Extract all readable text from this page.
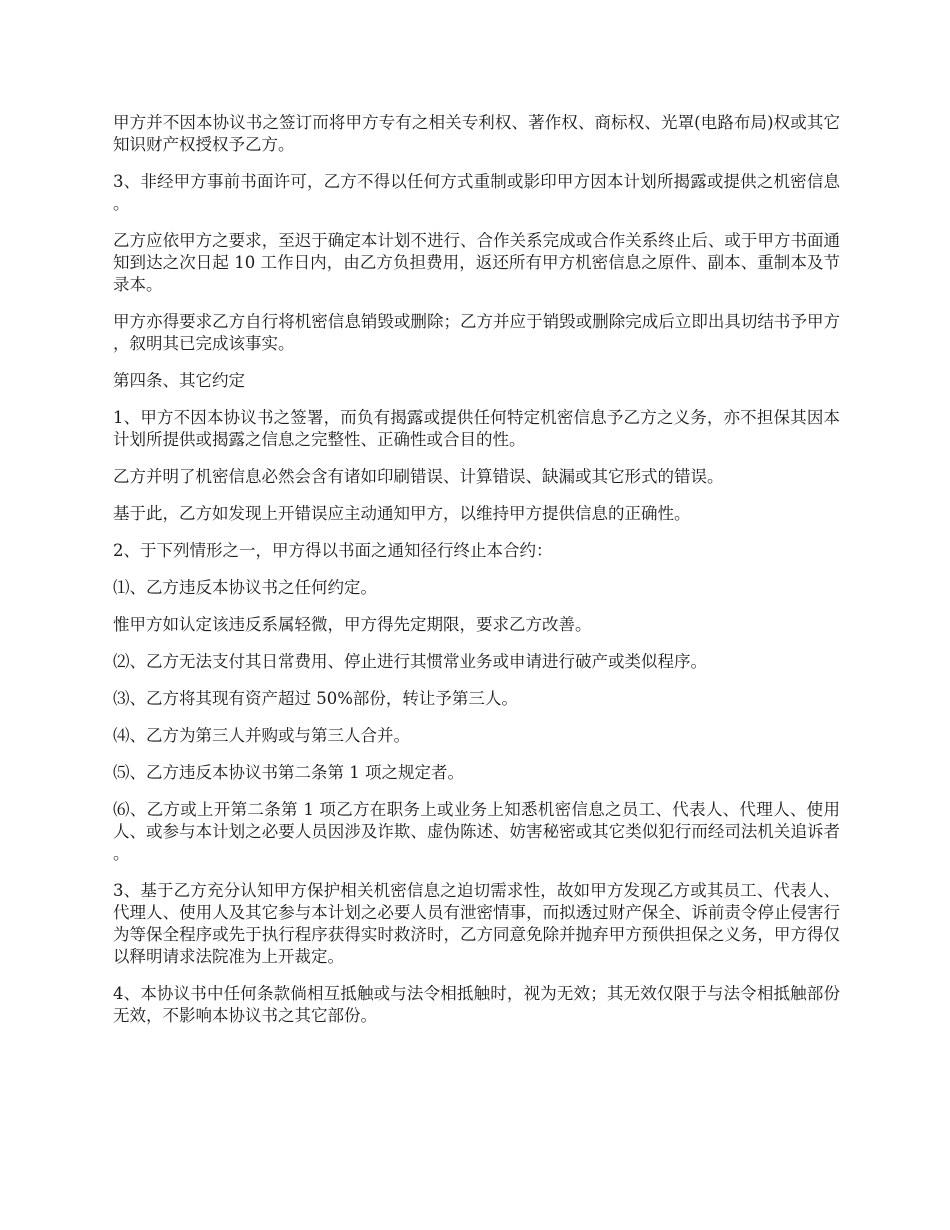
甲方并不因本协议书之签订而将甲方专有之相关专利权、著作权、商标权、光罩(电路布局)权或其它知识财产权授权予乙方。

3、非经甲方事前书面许可，乙方不得以任何方式重制或影印甲方因本计划所揭露或提供之机密信息。

乙方应依甲方之要求，至迟于确定本计划不进行、合作关系完成或合作关系终止后、或于甲方书面通知到达之次日起 10 工作日内，由乙方负担费用，返还所有甲方机密信息之原件、副本、重制本及节录本。

甲方亦得要求乙方自行将机密信息销毁或删除；乙方并应于销毁或删除完成后立即出具切结书予甲方，叙明其已完成该事实。

第四条、其它约定

1、甲方不因本协议书之签署，而负有揭露或提供任何特定机密信息予乙方之义务，亦不担保其因本计划所提供或揭露之信息之完整性、正确性或合目的性。

乙方并明了机密信息必然会含有诸如印刷错误、计算错误、缺漏或其它形式的错误。

基于此，乙方如发现上开错误应主动通知甲方，以维持甲方提供信息的正确性。

2、于下列情形之一，甲方得以书面之通知径行终止本合约：

⑴、乙方违反本协议书之任何约定。

惟甲方如认定该违反系属轻微，甲方得先定期限，要求乙方改善。

⑵、乙方无法支付其日常费用、停止进行其惯常业务或申请进行破产或类似程序。

⑶、乙方将其现有资产超过 50%部份，转让予第三人。

⑷、乙方为第三人并购或与第三人合并。

⑸、乙方违反本协议书第二条第 1 项之规定者。

⑹、乙方或上开第二条第 1 项乙方在职务上或业务上知悉机密信息之员工、代表人、代理人、使用人、或参与本计划之必要人员因涉及诈欺、虚伪陈述、妨害秘密或其它类似犯行而经司法机关追诉者。

3、基于乙方充分认知甲方保护相关机密信息之迫切需求性，故如甲方发现乙方或其员工、代表人、代理人、使用人及其它参与本计划之必要人员有泄密情事，而拟透过财产保全、诉前责令停止侵害行为等保全程序或先于执行程序获得实时救济时，乙方同意免除并抛弃甲方预供担保之义务，甲方得仅以释明请求法院准为上开裁定。

4、本协议书中任何条款倘相互抵触或与法令相抵触时，视为无效；其无效仅限于与法令相抵触部份无效，不影响本协议书之其它部份。
